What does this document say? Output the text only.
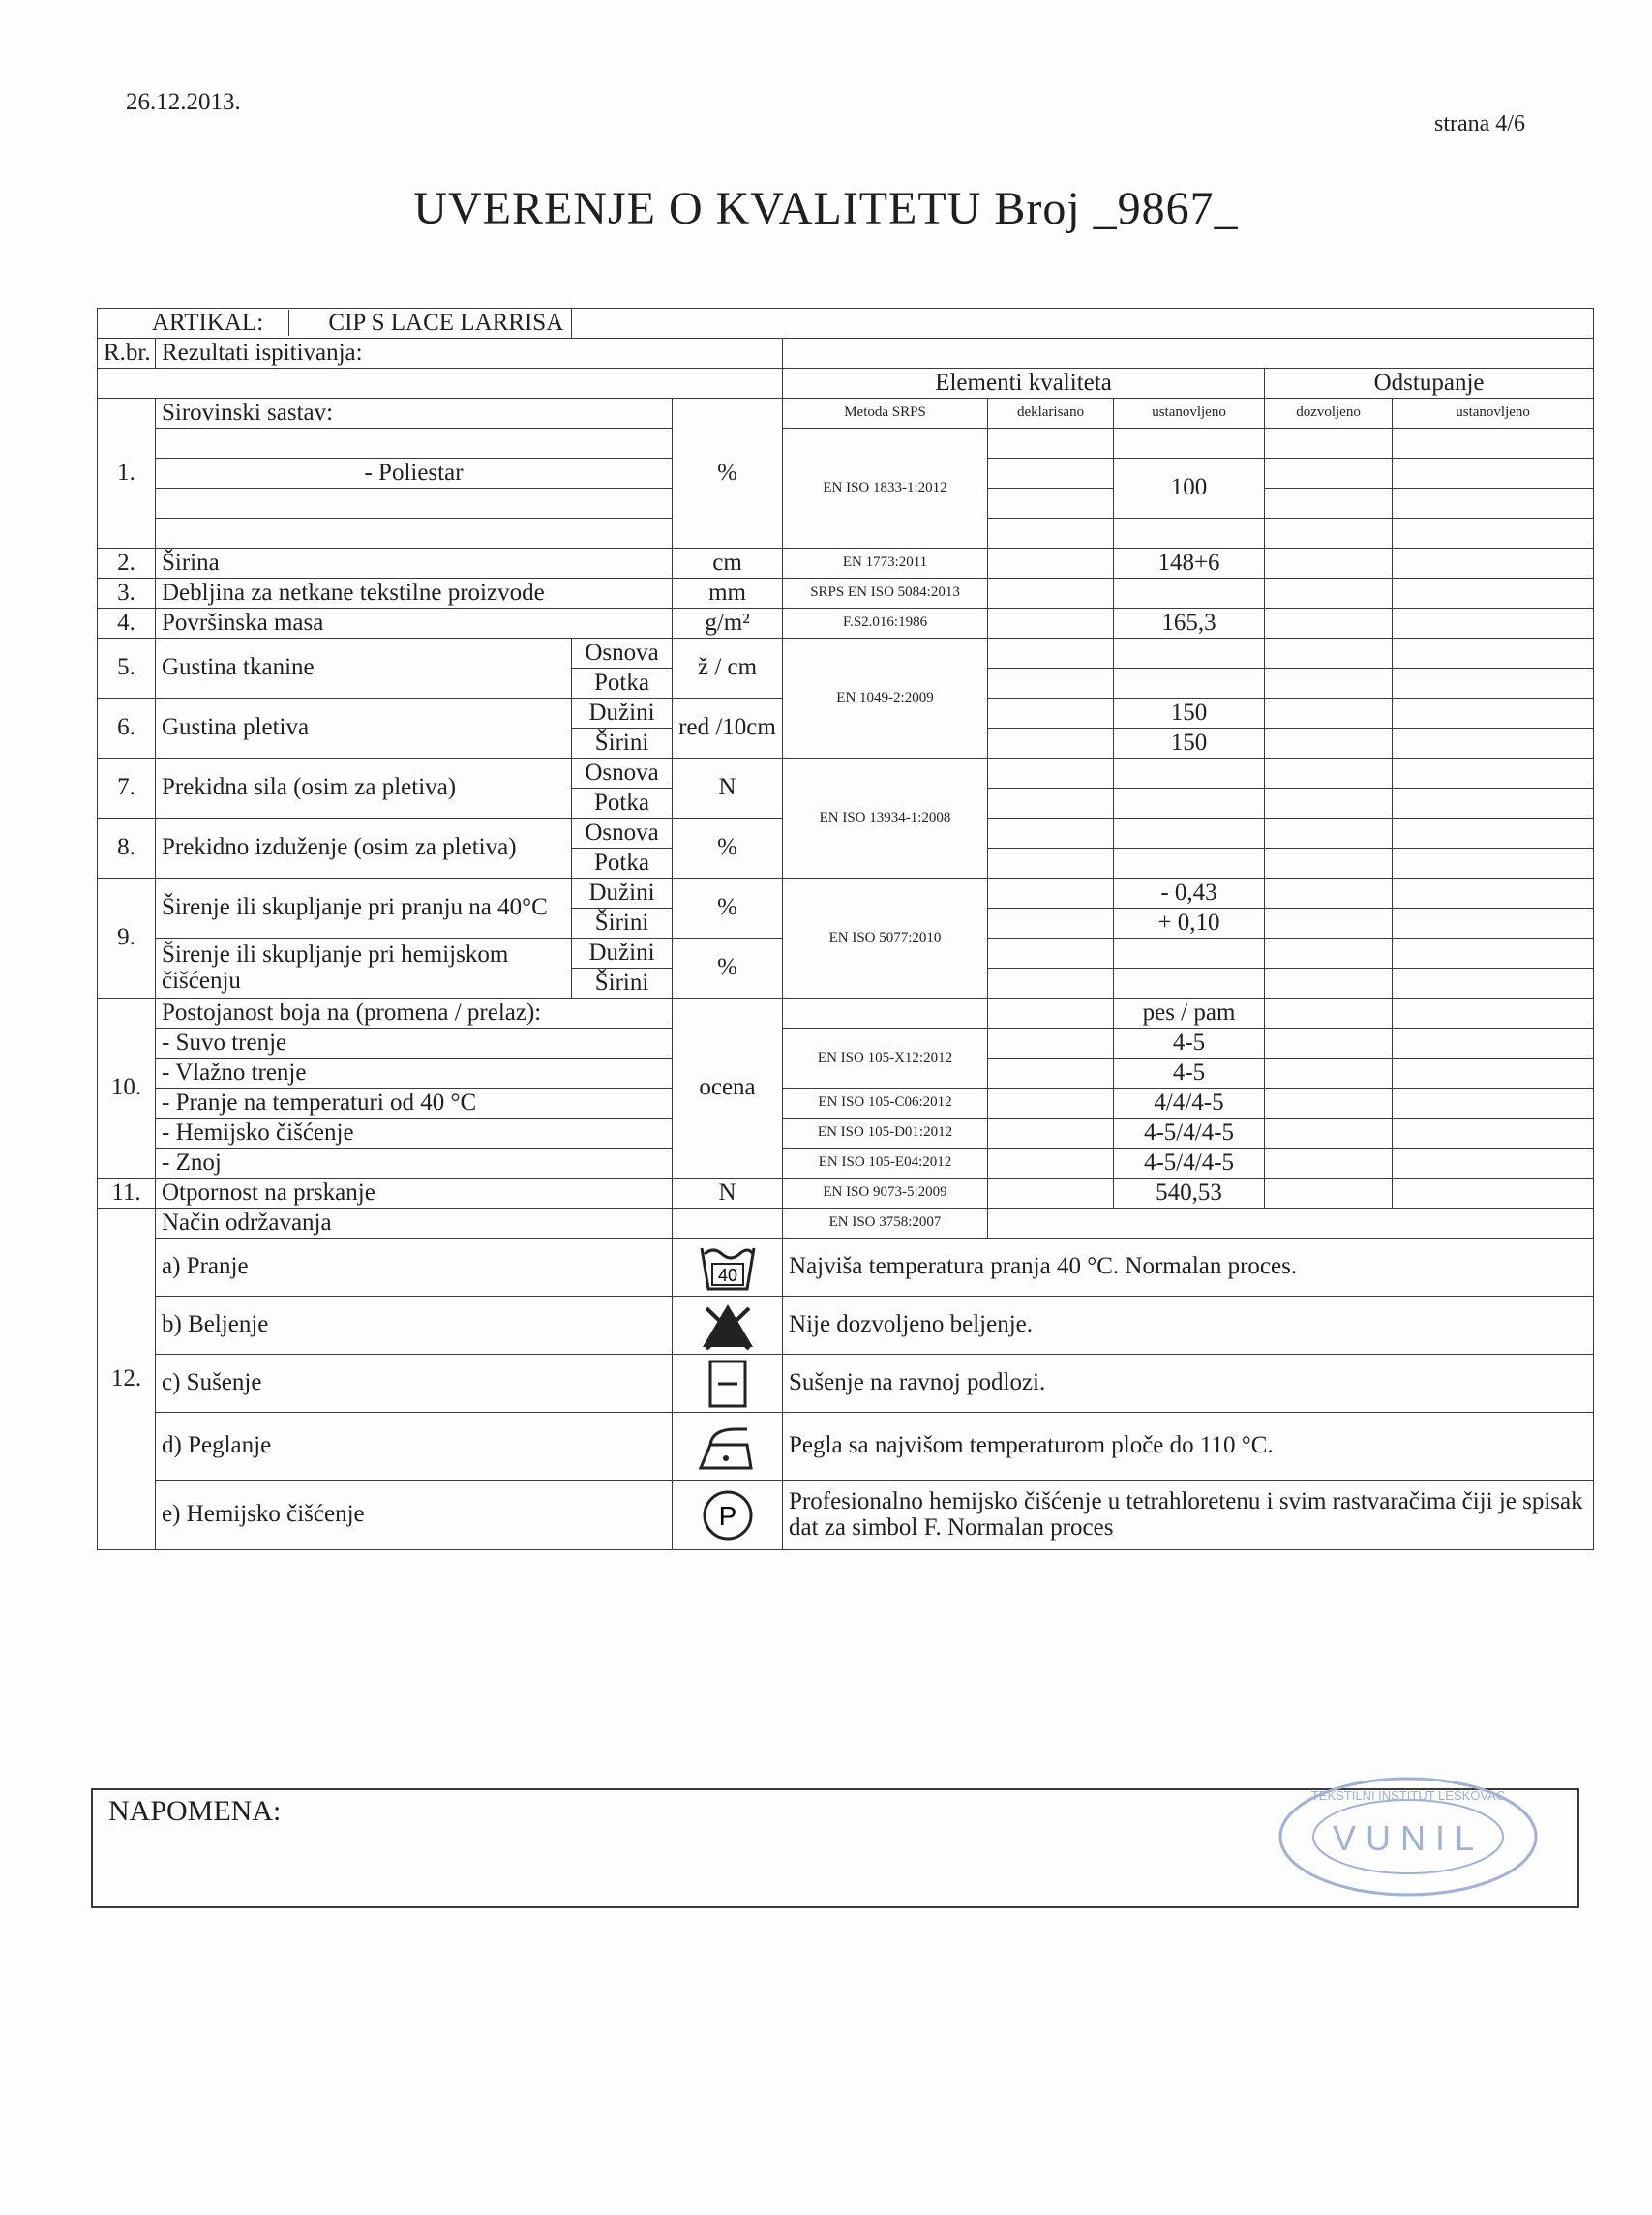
26.12.2013.
strana 4/6
UVERENJE O KVALITETU Broj _9867_
ARTIKAL: CIP S LACE LARRISA								
R.br.	Rezultati ispitivanja:							
				Elementi kvaliteta			Odstupanje	
1.	Sirovinski sastav:		%	Metoda SRPS	deklarisano	ustanovljeno	dozvoljeno	ustanovljeno
				EN ISO 1833-1:2012				
	- Poliestar					100		

2.	Širina		cm	EN 1773:2011		148+6		
3.	Debljina za netkane tekstilne proizvode		mm	SRPS EN ISO 5084:2013				
4.	Površinska masa		g/m²	F.S2.016:1986		165,3		
5.	Gustina tkanine	Osnova	ž / cm	EN 1049-2:2009				
		Potka						
6.	Gustina pletiva	Dužini	red /10cm			150		
		Širini				150		
7.	Prekidna sila (osim za pletiva)	Osnova	N	EN ISO 13934-1:2008				
		Potka						
8.	Prekidno izduženje (osim za pletiva)	Osnova	%					
		Potka						
9.	Širenje ili skupljanje pri pranju na 40°C	Dužini	%	EN ISO 5077:2010		- 0,43		
		Širini				+ 0,10		
	Širenje ili skupljanje pri hemijskom čišćenju	Dužini	%					
		Širini						
10.	Postojanost boja na (promena / prelaz):		ocena			pes / pam		
	- Suvo trenje			EN ISO 105-X12:2012		4-5		
	- Vlažno trenje					4-5		
	- Pranje na temperaturi od 40 °C			EN ISO 105-C06:2012		4/4/4-5		
	- Hemijsko čišćenje			EN ISO 105-D01:2012		4-5/4/4-5		
	- Znoj			EN ISO 105-E04:2012		4-5/4/4-5		
11.	Otpornost na prskanje		N	EN ISO 9073-5:2009		540,53		
12.	Način održavanja			EN ISO 3758:2007				
	a) Pranje		40	Najviša temperatura pranja 40 °C. Normalan proces.				
	b) Beljenje			Nije dozvoljeno beljenje.				
	c) Sušenje			Sušenje na ravnoj podlozi.				
	d) Peglanje			Pegla sa najvišom temperaturom ploče do 110 °C.				
	e) Hemijsko čišćenje		P	Profesionalno hemijsko čišćenje u tetrahloretenu i svim rastvaračima čiji je spisak dat za simbol F. Normalan proces				
NAPOMENA:
VUNIL
TEKSTILNI INSTITUT LESKOVAC
